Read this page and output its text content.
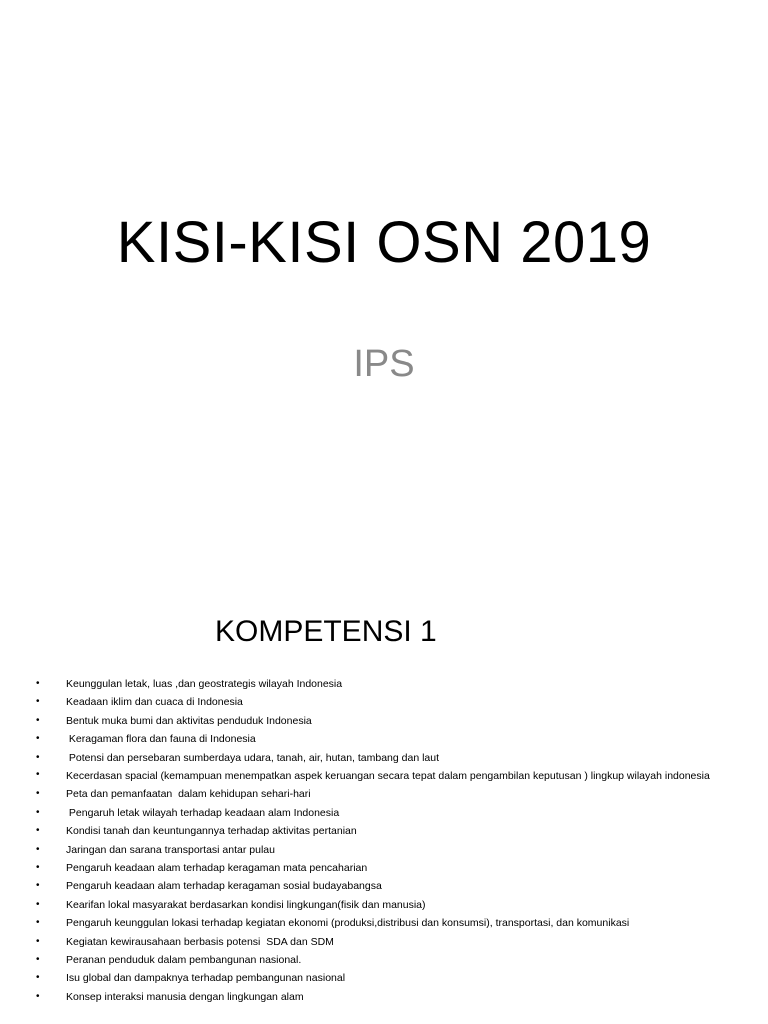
KISI-KISI OSN 2019
IPS
KOMPETENSI 1
•	Keunggulan letak, luas ,dan geostrategis wilayah Indonesia
•	Keadaan iklim dan cuaca di Indonesia
•	Bentuk muka bumi dan aktivitas penduduk Indonesia
•	Keragaman flora dan fauna di Indonesia
•	Potensi dan persebaran sumberdaya udara, tanah, air, hutan, tambang dan laut
•	Kecerdasan spacial (kemampuan menempatkan aspek keruangan secara tepat dalam pengambilan keputusan ) lingkup wilayah indonesia
•	Peta dan pemanfaatan  dalam kehidupan sehari-hari
•	Pengaruh letak wilayah terhadap keadaan alam Indonesia
•	Kondisi tanah dan keuntungannya terhadap aktivitas pertanian
•	Jaringan dan sarana transportasi antar pulau
•	Pengaruh keadaan alam terhadap keragaman mata pencaharian
•	Pengaruh keadaan alam terhadap keragaman sosial budayabangsa
•	Kearifan lokal masyarakat berdasarkan kondisi lingkungan(fisik dan manusia)
•	Pengaruh keunggulan lokasi terhadap kegiatan ekonomi (produksi,distribusi dan konsumsi), transportasi, dan komunikasi
•	Kegiatan kewirausahaan berbasis potensi  SDA dan SDM
•	Peranan penduduk dalam pembangunan nasional.
•	Isu global dan dampaknya terhadap pembangunan nasional
•	Konsep interaksi manusia dengan lingkungan alam
